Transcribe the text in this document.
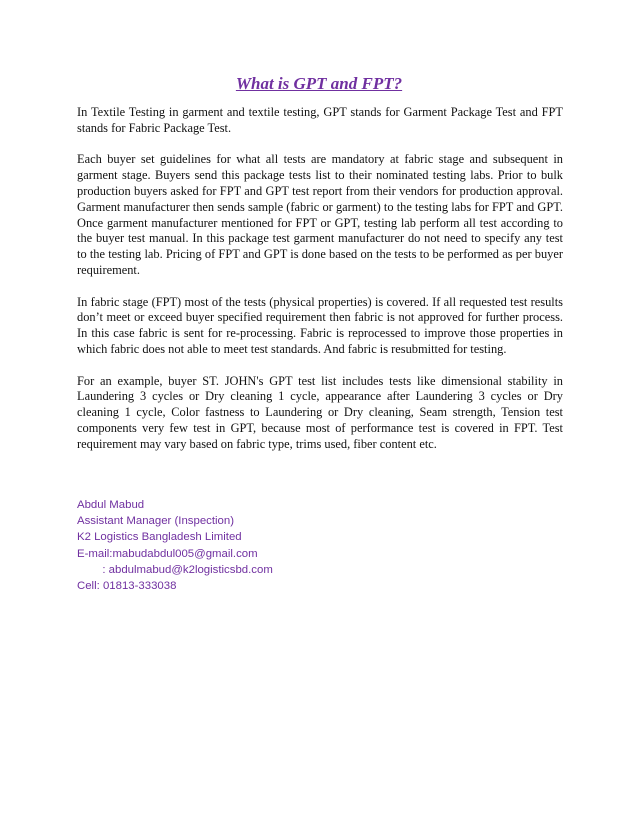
What is GPT and FPT?

In Textile Testing in garment and textile testing, GPT stands for Garment Package Test and FPT stands for Fabric Package Test.

Each buyer set guidelines for what all tests are mandatory at fabric stage and subsequent in garment stage. Buyers send this package tests list to their nominated testing labs. Prior to bulk production buyers asked for FPT and GPT test report from their vendors for production approval. Garment manufacturer then sends sample (fabric or garment) to the testing labs for FPT and GPT. Once garment manufacturer mentioned for FPT or GPT, testing lab perform all test according to the buyer test manual. In this package test garment manufacturer do not need to specify any test to the testing lab. Pricing of FPT and GPT is done based on the tests to be performed as per buyer requirement.

In fabric stage (FPT) most of the tests (physical properties) is covered. If all requested test results don’t meet or exceed buyer specified requirement then fabric is not approved for further process. In this case fabric is sent for re-processing. Fabric is reprocessed to improve those properties in which fabric does not able to meet test standards. And fabric is resubmitted for testing.

For an example, buyer ST. JOHN's GPT test list includes tests like dimensional stability in Laundering 3 cycles or Dry cleaning 1 cycle, appearance after Laundering 3 cycles or Dry cleaning 1 cycle, Color fastness to Laundering or Dry cleaning, Seam strength, Tension test components very few test in GPT, because most of performance test is covered in FPT. Test requirement may vary based on fabric type, trims used, fiber content etc.

Abdul Mabud
Assistant Manager (Inspection)
K2 Logistics Bangladesh Limited
E-mail:mabudabdul005@gmail.com
: abdulmabud@k2logisticsbd.com
Cell: 01813-333038
